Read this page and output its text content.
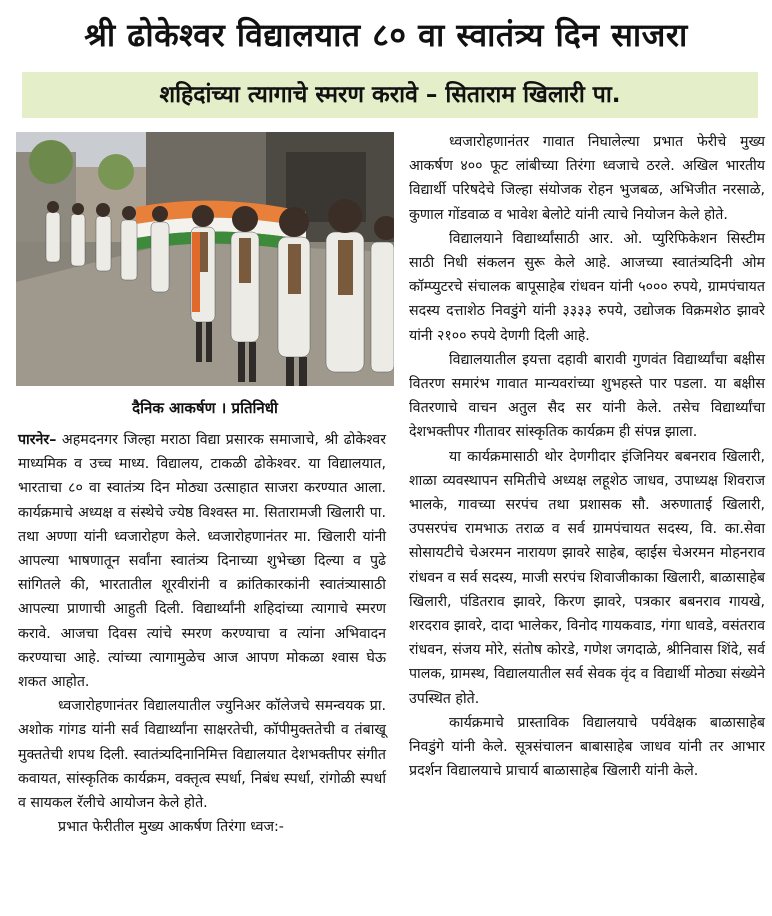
श्री ढोकेश्वर विद्यालयात ८० वा स्वातंत्र्य दिन साजरा
शहिदांच्या त्यागाचे स्मरण करावे – सिताराम खिलारी पा.
दैनिक आकर्षण । प्रतिनिधी

पारनेर– अहमदनगर जिल्हा मराठा विद्या प्रसारक समाजाचे, श्री ढोकेश्वर माध्यमिक व उच्च माध्य. विद्यालय, टाकळी ढोकेश्वर. या विद्यालयात, भारताचा ८० वा स्वातंत्र्य दिन मोठ्या उत्साहात साजरा करण्यात आला. कार्यक्रमाचे अध्यक्ष व संस्थेचे ज्येष्ठ विश्वस्त मा. सितारामजी खिलारी पा. तथा अण्णा यांनी ध्वजारोहण केले. ध्वजारोहणानंतर मा. खिलारी यांनी आपल्या भाषणातून सर्वांना स्वातंत्र्य दिनाच्या शुभेच्छा दिल्या व पुढे सांगितले की, भारतातील शूरवीरांनी व क्रांतिकारकांनी स्वातंत्र्यासाठी आपल्या प्राणाची आहुती दिली. विद्यार्थ्यांनी शहिदांच्या त्यागाचे स्मरण करावे. आजचा दिवस त्यांचे स्मरण करण्याचा व त्यांना अभिवादन करण्याचा आहे. त्यांच्या त्यागामुळेच आज आपण मोकळा श्वास घेऊ शकत आहोत.

ध्वजारोहणानंतर विद्यालयातील ज्युनिअर कॉलेजचे समन्वयक प्रा. अशोक गांगड यांनी सर्व विद्यार्थ्यांना साक्षरतेची, कॉपीमुक्ततेची व तंबाखू मुक्ततेची शपथ दिली. स्वातंत्र्यदिनानिमित्त विद्यालयात देशभक्तीपर संगीत कवायत, सांस्कृतिक कार्यक्रम, वक्तृत्व स्पर्धा, निबंध स्पर्धा, रांगोळी स्पर्धा व सायकल रॅलीचे आयोजन केले होते.

प्रभात फेरीतील मुख्य आकर्षण तिरंगा ध्वज:-

ध्वजारोहणानंतर गावात निघालेल्या प्रभात फेरीचे मुख्य आकर्षण ४०० फूट लांबीच्या तिरंगा ध्वजाचे ठरले. अखिल भारतीय विद्यार्थी परिषदेचे जिल्हा संयोजक रोहन भुजबळ, अभिजीत नरसाळे, कुणाल गोंडवाळ व भावेश बेलोटे यांनी त्याचे नियोजन केले होते.

विद्यालयाने विद्यार्थ्यांसाठी आर. ओ. प्युरिफिकेशन सिस्टीम साठी निधी संकलन सुरू केले आहे. आजच्या स्वातंत्र्यदिनी ओम कॉम्प्युटरचे संचालक बापूसाहेब रांधवन यांनी ५००० रुपये, ग्रामपंचायत सदस्य दत्ताशेठ निवडुंगे यांनी ३३३३ रुपये, उद्योजक विक्रमशेठ झावरे यांनी २१०० रुपये देणगी दिली आहे.

विद्यालयातील इयत्ता दहावी बारावी गुणवंत विद्यार्थ्यांचा बक्षीस वितरण समारंभ गावात मान्यवरांच्या शुभहस्ते पार पडला. या बक्षीस वितरणाचे वाचन अतुल सैद सर यांनी केले. तसेच विद्यार्थ्यांचा देशभक्तीपर गीतावर सांस्कृतिक कार्यक्रम ही संपन्न झाला.

या कार्यक्रमासाठी थोर देणगीदार इंजिनियर बबनराव खिलारी, शाळा व्यवस्थापन समितीचे अध्यक्ष लहूशेठ जाधव, उपाध्यक्ष शिवराज भालके, गावच्या सरपंच तथा प्रशासक सौ. अरुणाताई खिलारी, उपसरपंच रामभाऊ तराळ व सर्व ग्रामपंचायत सदस्य, वि. का.सेवा सोसायटीचे चेअरमन नारायण झावरे साहेब, व्हाईस चेअरमन मोहनराव रांधवन व सर्व सदस्य, माजी सरपंच शिवाजीकाका खिलारी, बाळासाहेब खिलारी, पंडितराव झावरे, किरण झावरे, पत्रकार बबनराव गायखे, शरदराव झावरे, दादा भालेकर, विनोद गायकवाड, गंगा धावडे, वसंतराव रांधवन, संजय मोरे, संतोष कोरडे, गणेश जगदाळे, श्रीनिवास शिंदे, सर्व पालक, ग्रामस्थ, विद्यालयातील सर्व सेवक वृंद व विद्यार्थी मोठ्या संख्येने उपस्थित होते.

कार्यक्रमाचे प्रास्ताविक विद्यालयाचे पर्यवेक्षक बाळासाहेब निवडुंगे यांनी केले. सूत्रसंचालन बाबासाहेब जाधव यांनी तर आभार प्रदर्शन विद्यालयाचे प्राचार्य बाळासाहेब खिलारी यांनी केले.
